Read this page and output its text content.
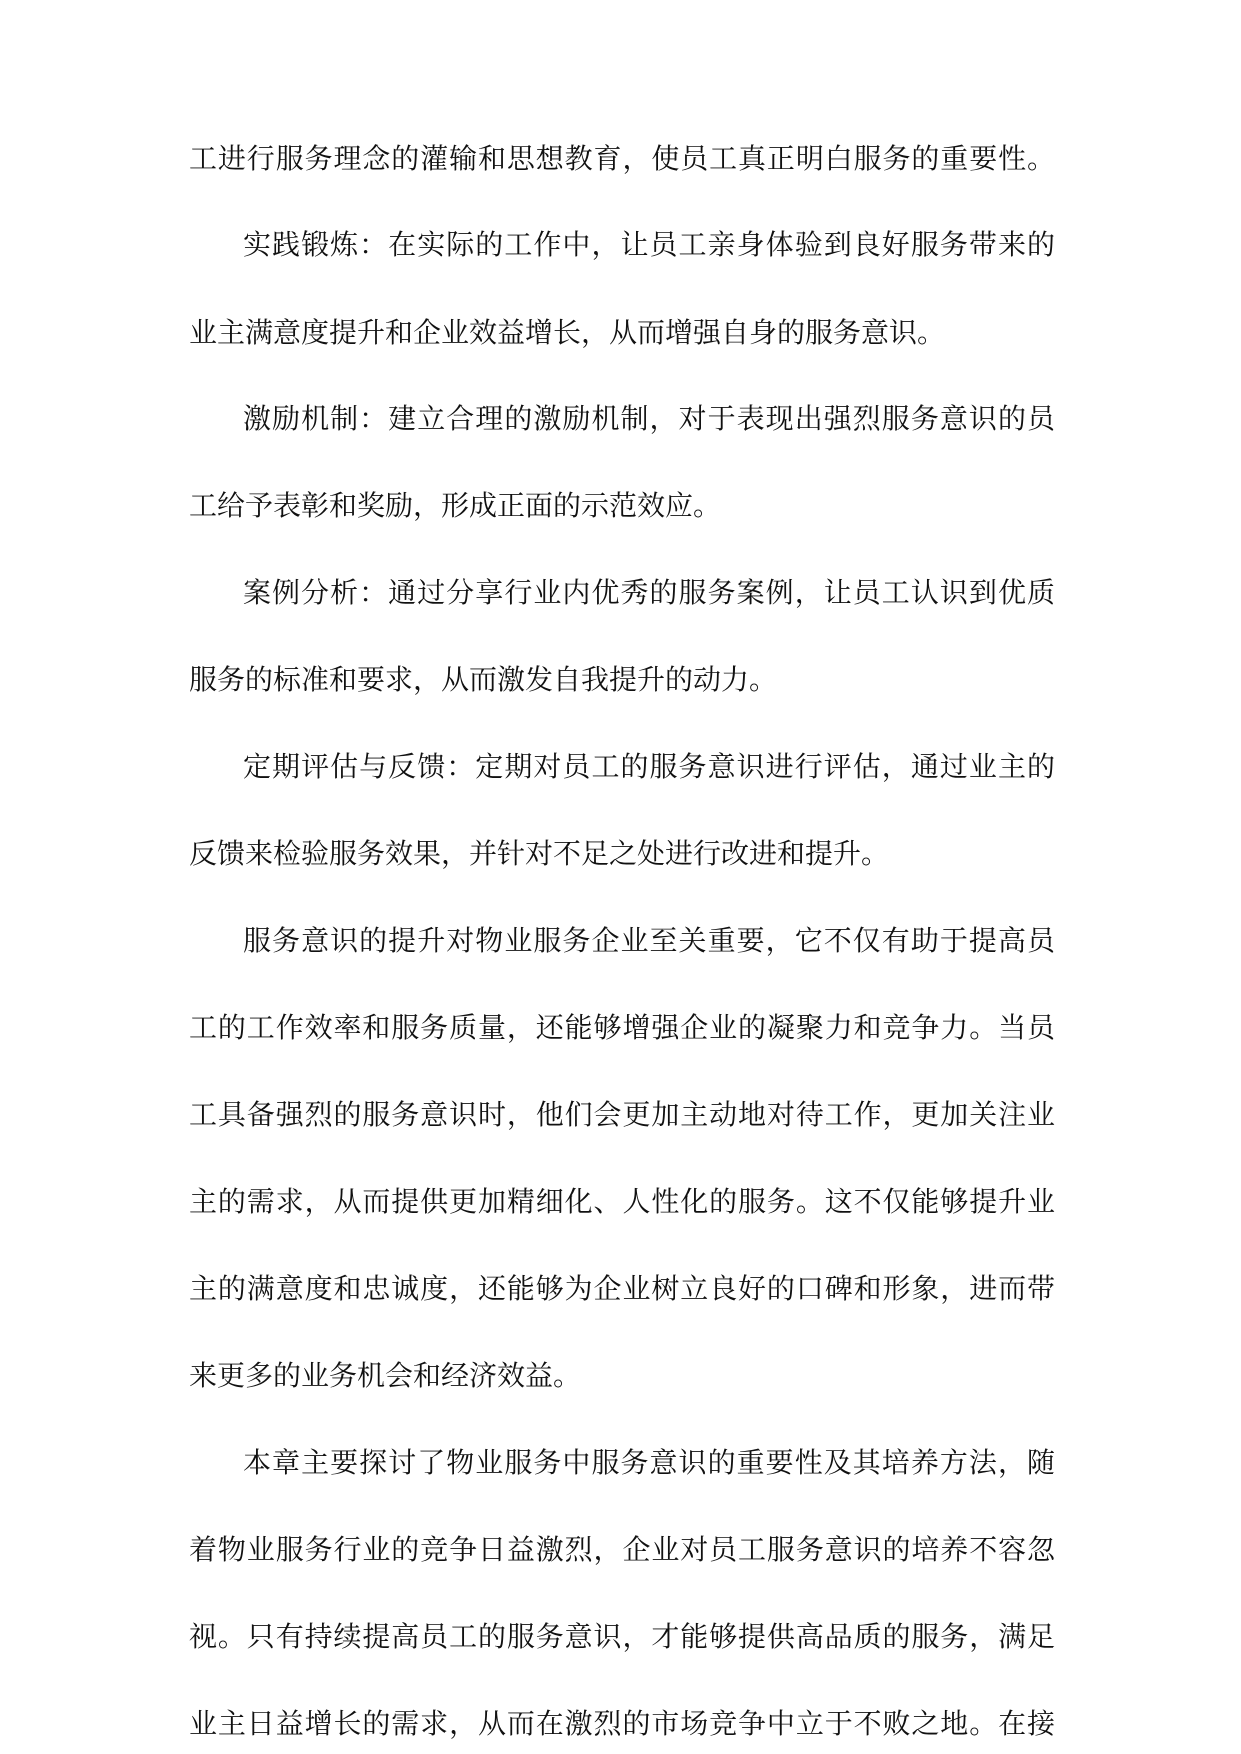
工进行服务理念的灌输和思想教育，使员工真正明白服务的重要性。
实践锻炼：在实际的工作中，让员工亲身体验到良好服务带来的
业主满意度提升和企业效益增长，从而增强自身的服务意识。
激励机制：建立合理的激励机制，对于表现出强烈服务意识的员
工给予表彰和奖励，形成正面的示范效应。
案例分析：通过分享行业内优秀的服务案例，让员工认识到优质
服务的标准和要求，从而激发自我提升的动力。
定期评估与反馈：定期对员工的服务意识进行评估，通过业主的
反馈来检验服务效果，并针对不足之处进行改进和提升。
服务意识的提升对物业服务企业至关重要，它不仅有助于提高员
工的工作效率和服务质量，还能够增强企业的凝聚力和竞争力。当员
工具备强烈的服务意识时，他们会更加主动地对待工作，更加关注业
主的需求，从而提供更加精细化、人性化的服务。这不仅能够提升业
主的满意度和忠诚度，还能够为企业树立良好的口碑和形象，进而带
来更多的业务机会和经济效益。
本章主要探讨了物业服务中服务意识的重要性及其培养方法，随
着物业服务行业的竞争日益激烈，企业对员工服务意识的培养不容忽
视。只有持续提高员工的服务意识，才能够提供高品质的服务，满足
业主日益增长的需求，从而在激烈的市场竞争中立于不败之地。在接
